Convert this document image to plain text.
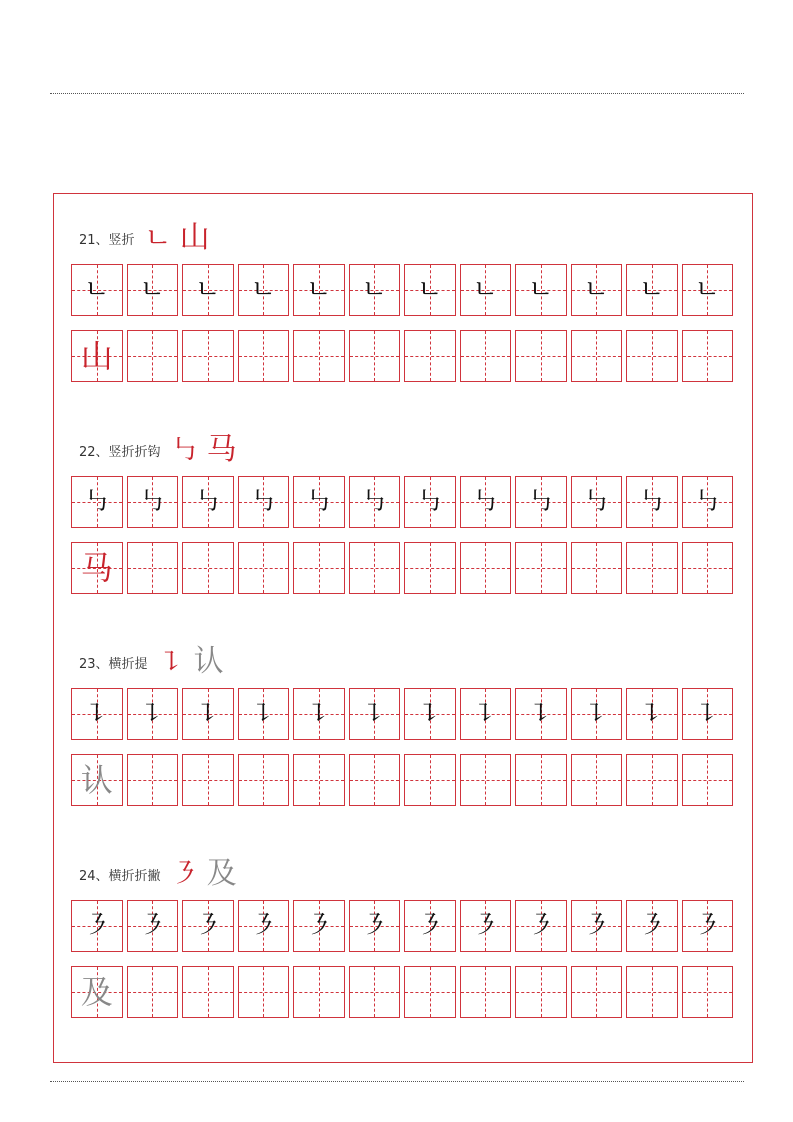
21、竖折 ㄴ 山
ㄴ ㄴ ㄴ ㄴ ㄴ ㄴ ㄴ ㄴ ㄴ ㄴ ㄴ ㄴ
山
22、竖折折钩 ㇉ 马
㇉ ㇉ ㇉ ㇉ ㇉ ㇉ ㇉ ㇉ ㇉ ㇉ ㇉ ㇉
马
23、横折提 ㇊ 认
㇊ ㇊ ㇊ ㇊ ㇊ ㇊ ㇊ ㇊ ㇊ ㇊ ㇊ ㇊
认
24、横折折撇 ㇋ 及
㇋ ㇋ ㇋ ㇋ ㇋ ㇋ ㇋ ㇋ ㇋ ㇋ ㇋ ㇋
及
